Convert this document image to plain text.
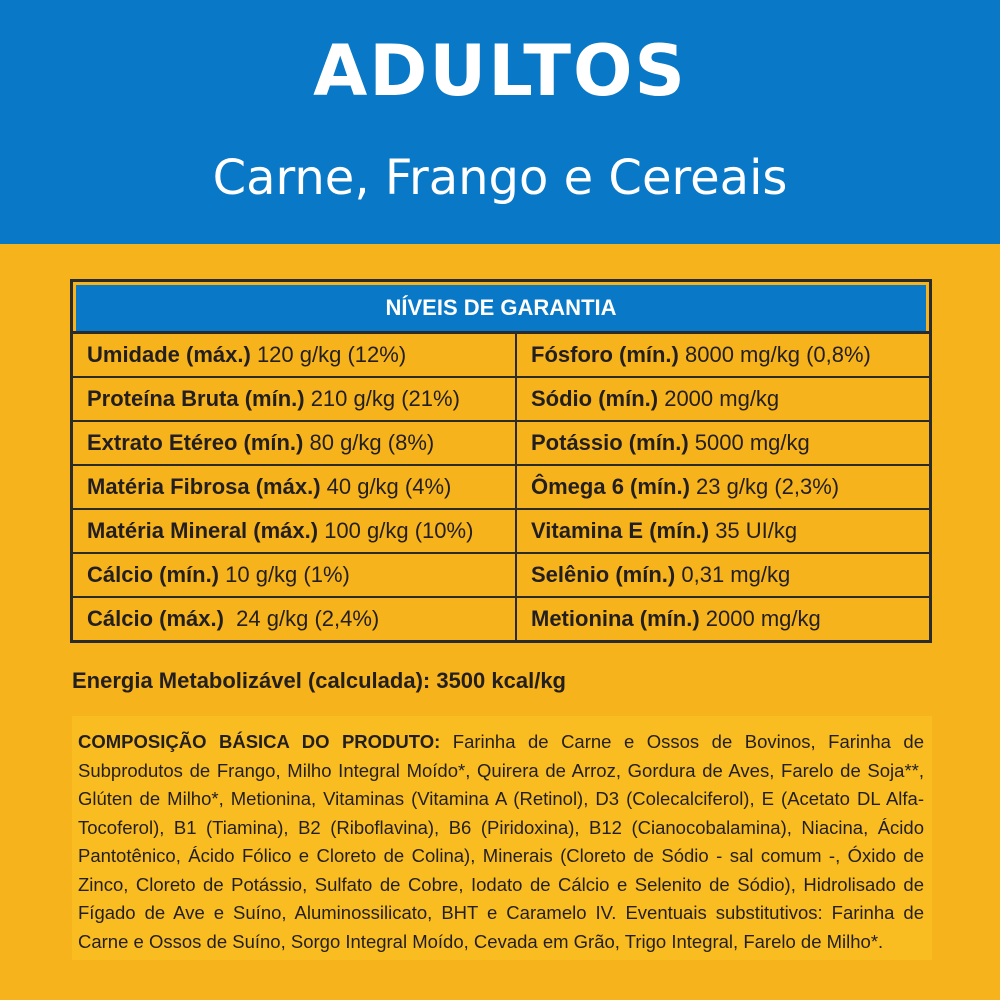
ADULTOS
Carne, Frango e Cereais
NÍVEIS DE GARANTIA
Umidade (máx.) 120 g/kg (12%)	Fósforo (mín.) 8000 mg/kg (0,8%)
Proteína Bruta (mín.) 210 g/kg (21%)	Sódio (mín.) 2000 mg/kg
Extrato Etéreo (mín.) 80 g/kg (8%)	Potássio (mín.) 5000 mg/kg
Matéria Fibrosa (máx.) 40 g/kg (4%)	Ômega 6 (mín.) 23 g/kg (2,3%)
Matéria Mineral (máx.) 100 g/kg (10%)	Vitamina E (mín.) 35 UI/kg
Cálcio (mín.) 10 g/kg (1%)	Selênio (mín.) 0,31 mg/kg
Cálcio (máx.)  24 g/kg (2,4%)	Metionina (mín.) 2000 mg/kg
Energia Metabolizável (calculada): 3500 kcal/kg
COMPOSIÇÃO BÁSICA DO PRODUTO: Farinha de Carne e Ossos de Bovinos, Farinha de Subprodutos de Frango, Milho Integral Moído*, Quirera de Arroz, Gordura de Aves, Farelo de Soja**, Glúten de Milho*, Metionina, Vitaminas (Vitamina A (Retinol), D3 (Colecalciferol), E (Acetato DL Alfa-Tocoferol), B1 (Tiamina), B2 (Riboflavina), B6 (Piridoxina), B12 (Cianocobalamina), Niacina, Ácido Pantotênico, Ácido Fólico e Cloreto de Colina), Minerais (Cloreto de Sódio - sal comum -, Óxido de Zinco, Cloreto de Potássio, Sulfato de Cobre, Iodato de Cálcio e Selenito de Sódio), Hidrolisado de Fígado de Ave e Suíno, Aluminossilicato, BHT e Caramelo IV. Eventuais substitutivos: Farinha de Carne e Ossos de Suíno, Sorgo Integral Moído, Cevada em Grão, Trigo Integral, Farelo de Milho*.
